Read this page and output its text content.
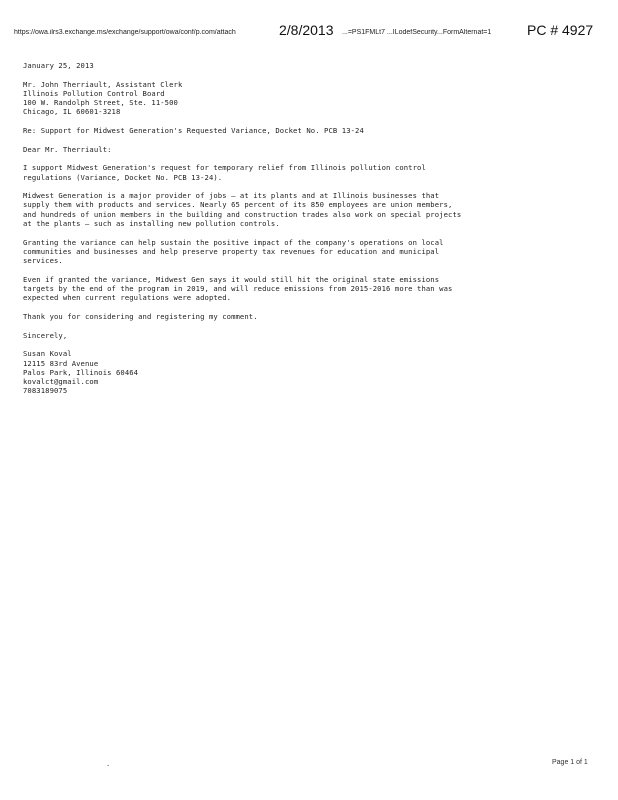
https://owa.ilrs3.exchange.ms/exchange/support/owa/conf/p.com/attach	2/8/2013 ...=PS1FMLt7 ...ILodefSecurity...FormAlternat=1	PC # 4927
January 25, 2013
Mr. John Therriault, Assistant Clerk
Illinois Pollution Control Board
100 W. Randolph Street, Ste. 11-500
Chicago, IL 60601-3218
Re: Support for Midwest Generation's Requested Variance, Docket No. PCB 13-24
Dear Mr. Therriault:
I support Midwest Generation's request for temporary relief from Illinois pollution control
regulations (Variance, Docket No. PCB 13-24).
Midwest Generation is a major provider of jobs — at its plants and at Illinois businesses that
supply them with products and services. Nearly 65 percent of its 850 employees are union members,
and hundreds of union members in the building and construction trades also work on special projects
at the plants — such as installing new pollution controls.
Granting the variance can help sustain the positive impact of the company's operations on local
communities and businesses and help preserve property tax revenues for education and municipal
services.
Even if granted the variance, Midwest Gen says it would still hit the original state emissions
targets by the end of the program in 2019, and will reduce emissions from 2015-2016 more than was
expected when current regulations were adopted.
Thank you for considering and registering my comment.
Sincerely,
Susan Koval
12115 83rd Avenue
Palos Park, Illinois 60464
kovalct@gmail.com
7083189075
.	Page 1 of 1
